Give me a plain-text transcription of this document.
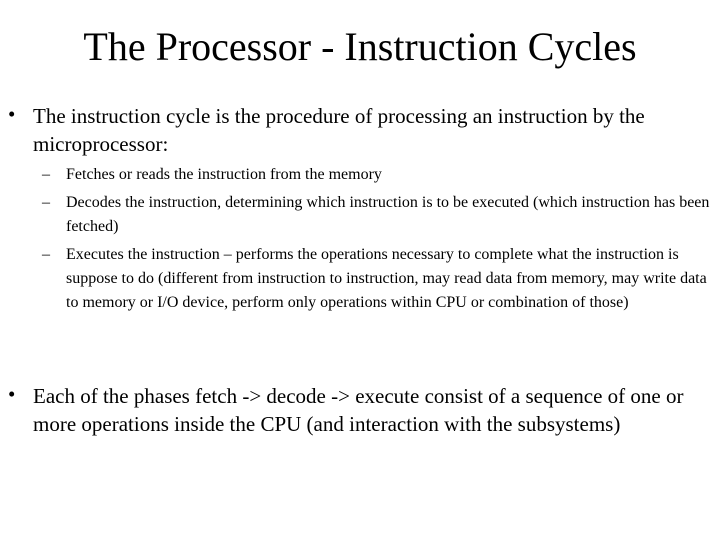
The Processor - Instruction Cycles
• The instruction cycle is the procedure of processing an instruction by the microprocessor:
– Fetches or reads the instruction from the memory
– Decodes the instruction, determining which instruction is to be executed (which instruction has been fetched)
– Executes the instruction – performs the operations necessary to complete what the instruction is suppose to do (different from instruction to instruction, may read data from memory, may write data to memory or I/O device, perform only operations within CPU or combination of those)
• Each of the phases fetch -> decode -> execute consist of a sequence of one or more operations inside the CPU (and interaction with the subsystems)
